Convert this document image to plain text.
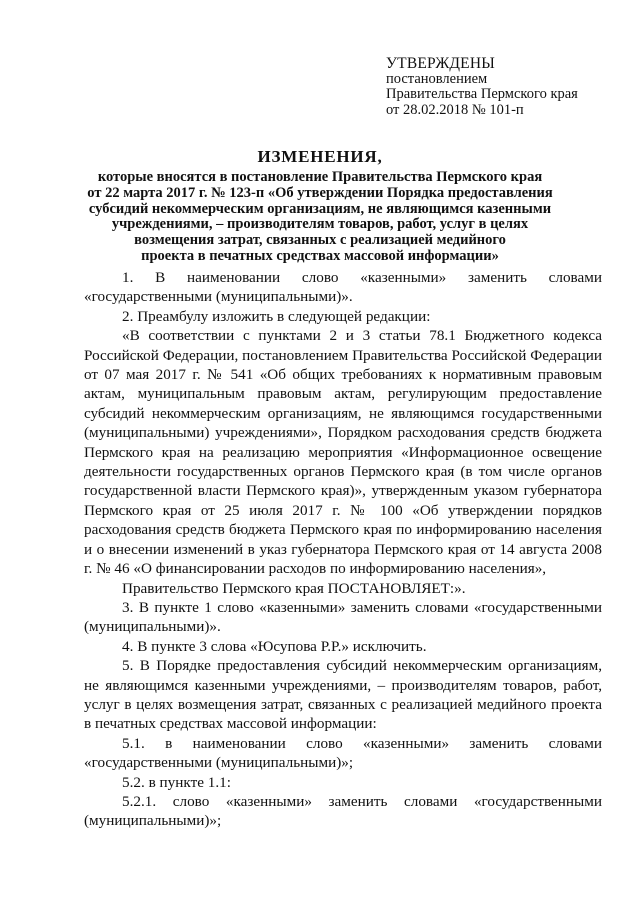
УТВЕРЖДЕНЫ
постановлением
Правительства Пермского края
от 28.02.2018 № 101-п
ИЗМЕНЕНИЯ,
которые вносятся в постановление Правительства Пермского края
от 22 марта 2017 г. № 123-п «Об утверждении Порядка предоставления
субсидий некоммерческим организациям, не являющимся казенными
учреждениями, – производителям товаров, работ, услуг в целях
возмещения затрат, связанных с реализацией медийного
проекта в печатных средствах массовой информации»

1. В наименовании слово «казенными» заменить словами «государственными (муниципальными)».

2. Преамбулу изложить в следующей редакции:

«В соответствии с пунктами 2 и 3 статьи 78.1 Бюджетного кодекса Российской Федерации, постановлением Правительства Российской Федерации от 07 мая 2017 г. № 541 «Об общих требованиях к нормативным правовым актам, муниципальным правовым актам, регулирующим предоставление субсидий некоммерческим организациям, не являющимся государственными (муниципальными) учреждениями», Порядком расходования средств бюджета Пермского края на реализацию мероприятия «Информационное освещение деятельности государственных органов Пермского края (в том числе органов государственной власти Пермского края)», утвержденным указом губернатора Пермского края от 25 июля 2017 г. № 100 «Об утверждении порядков расходования средств бюджета Пермского края по информированию населения и о внесении изменений в указ губернатора Пермского края от 14 августа 2008 г. № 46 «О финансировании расходов по информированию населения»,

Правительство Пермского края ПОСТАНОВЛЯЕТ:».

3. В пункте 1 слово «казенными» заменить словами «государственными (муниципальными)».

4. В пункте 3 слова «Юсупова Р.Р.» исключить.

5. В Порядке предоставления субсидий некоммерческим организациям, не являющимся казенными учреждениями, – производителям товаров, работ, услуг в целях возмещения затрат, связанных с реализацией медийного проекта в печатных средствах массовой информации:

5.1. в наименовании слово «казенными» заменить словами «государственными (муниципальными)»;

5.2. в пункте 1.1:

5.2.1. слово «казенными» заменить словами «государственными (муниципальными)»;
